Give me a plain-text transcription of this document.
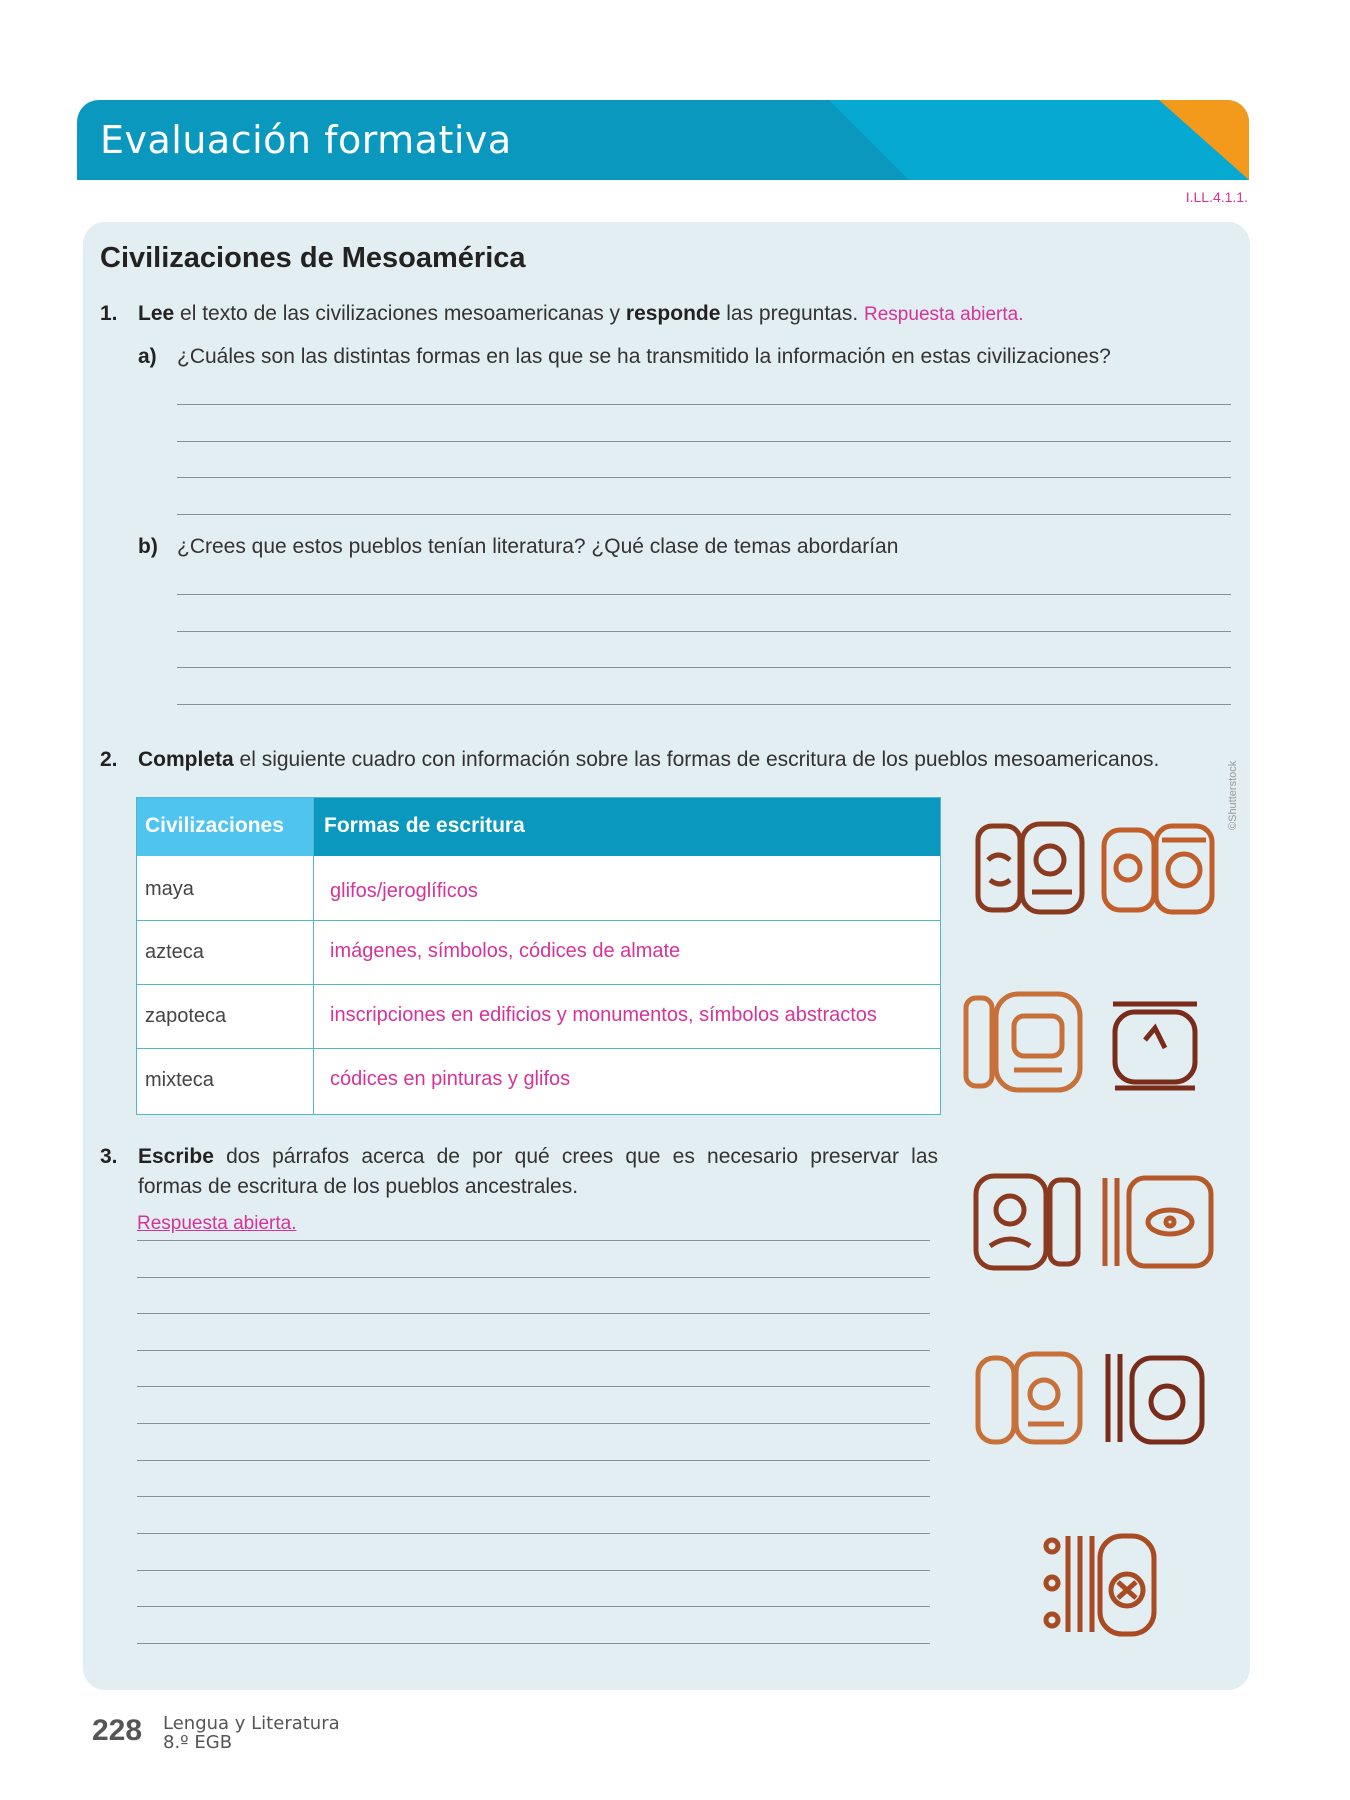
Evaluación formativa
DUA
Acción y expresión
I.LL.4.1.1.
Civilizaciones de Mesoamérica
1. Lee el texto de las civilizaciones mesoamericanas y responde las preguntas. Respuesta abierta.
a) ¿Cuáles son las distintas formas en las que se ha transmitido la información en estas civilizaciones?
b) ¿Crees que estos pueblos tenían literatura? ¿Qué clase de temas abordarían
2. Completa el siguiente cuadro con información sobre las formas de escritura de los pueblos mesoamericanos.
Civilizaciones Formas de escritura
maya	glifos/jeroglíficos
azteca	imágenes, símbolos, códices de almate
zapoteca	inscripciones en edificios y monumentos, símbolos abstractos
mixteca	códices en pinturas y glifos
3. Escribe dos párrafos acerca de por qué crees que es necesario preservar las
formas de escritura de los pueblos ancestrales.
Respuesta abierta.
©Shutterstock
228 Lengua y Literatura
8.º EGB
